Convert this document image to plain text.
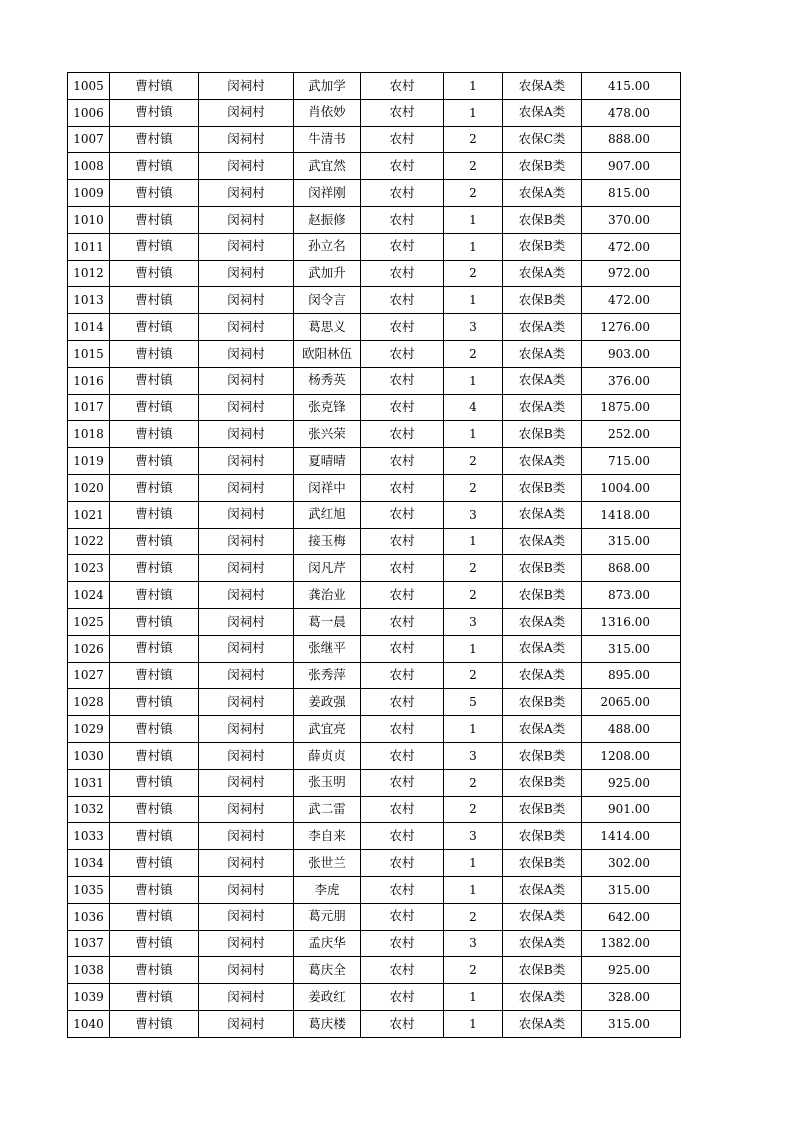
1005	曹村镇	闵祠村	武加学	农村	1	农保A类	415.00
1006	曹村镇	闵祠村	肖依妙	农村	1	农保A类	478.00
1007	曹村镇	闵祠村	牛清书	农村	2	农保C类	888.00
1008	曹村镇	闵祠村	武宜然	农村	2	农保B类	907.00
1009	曹村镇	闵祠村	闵祥刚	农村	2	农保A类	815.00
1010	曹村镇	闵祠村	赵振修	农村	1	农保B类	370.00
1011	曹村镇	闵祠村	孙立名	农村	1	农保B类	472.00
1012	曹村镇	闵祠村	武加升	农村	2	农保A类	972.00
1013	曹村镇	闵祠村	闵令言	农村	1	农保B类	472.00
1014	曹村镇	闵祠村	葛思义	农村	3	农保A类	1276.00
1015	曹村镇	闵祠村	欧阳林伍	农村	2	农保A类	903.00
1016	曹村镇	闵祠村	杨秀英	农村	1	农保A类	376.00
1017	曹村镇	闵祠村	张克锋	农村	4	农保A类	1875.00
1018	曹村镇	闵祠村	张兴荣	农村	1	农保B类	252.00
1019	曹村镇	闵祠村	夏晴晴	农村	2	农保A类	715.00
1020	曹村镇	闵祠村	闵祥中	农村	2	农保B类	1004.00
1021	曹村镇	闵祠村	武红旭	农村	3	农保A类	1418.00
1022	曹村镇	闵祠村	接玉梅	农村	1	农保A类	315.00
1023	曹村镇	闵祠村	闵凡芹	农村	2	农保B类	868.00
1024	曹村镇	闵祠村	龚治业	农村	2	农保B类	873.00
1025	曹村镇	闵祠村	葛一晨	农村	3	农保A类	1316.00
1026	曹村镇	闵祠村	张继平	农村	1	农保A类	315.00
1027	曹村镇	闵祠村	张秀萍	农村	2	农保A类	895.00
1028	曹村镇	闵祠村	姜政强	农村	5	农保B类	2065.00
1029	曹村镇	闵祠村	武宜亮	农村	1	农保A类	488.00
1030	曹村镇	闵祠村	薛贞贞	农村	3	农保B类	1208.00
1031	曹村镇	闵祠村	张玉明	农村	2	农保B类	925.00
1032	曹村镇	闵祠村	武二雷	农村	2	农保B类	901.00
1033	曹村镇	闵祠村	李自来	农村	3	农保B类	1414.00
1034	曹村镇	闵祠村	张世兰	农村	1	农保B类	302.00
1035	曹村镇	闵祠村	李虎	农村	1	农保A类	315.00
1036	曹村镇	闵祠村	葛元朋	农村	2	农保A类	642.00
1037	曹村镇	闵祠村	孟庆华	农村	3	农保A类	1382.00
1038	曹村镇	闵祠村	葛庆全	农村	2	农保B类	925.00
1039	曹村镇	闵祠村	姜政红	农村	1	农保A类	328.00
1040	曹村镇	闵祠村	葛庆楼	农村	1	农保A类	315.00
